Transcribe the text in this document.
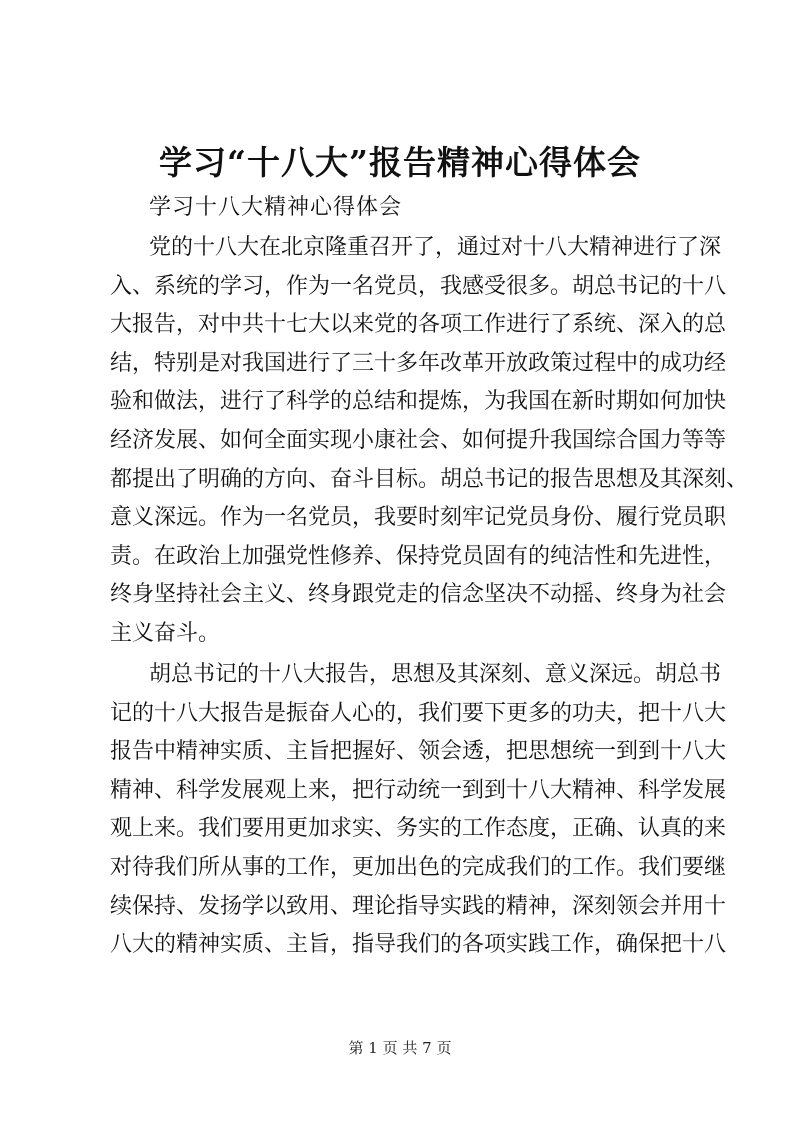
学习“十八大”报告精神心得体会
学习十八大精神心得体会
党的十八大在北京隆重召开了，通过对十八大精神进行了深
入、系统的学习，作为一名党员，我感受很多。胡总书记的十八
大报告，对中共十七大以来党的各项工作进行了系统、深入的总
结，特别是对我国进行了三十多年改革开放政策过程中的成功经
验和做法，进行了科学的总结和提炼，为我国在新时期如何加快
经济发展、如何全面实现小康社会、如何提升我国综合国力等等
都提出了明确的方向、奋斗目标。胡总书记的报告思想及其深刻、
意义深远。作为一名党员，我要时刻牢记党员身份、履行党员职
责。在政治上加强党性修养、保持党员固有的纯洁性和先进性，
终身坚持社会主义、终身跟党走的信念坚决不动摇、终身为社会
主义奋斗。
胡总书记的十八大报告，思想及其深刻、意义深远。胡总书
记的十八大报告是振奋人心的，我们要下更多的功夫，把十八大
报告中精神实质、主旨把握好、领会透，把思想统一到到十八大
精神、科学发展观上来，把行动统一到到十八大精神、科学发展
观上来。我们要用更加求实、务实的工作态度，正确、认真的来
对待我们所从事的工作，更加出色的完成我们的工作。我们要继
续保持、发扬学以致用、理论指导实践的精神，深刻领会并用十
八大的精神实质、主旨，指导我们的各项实践工作，确保把十八
第 1 页 共 7 页
